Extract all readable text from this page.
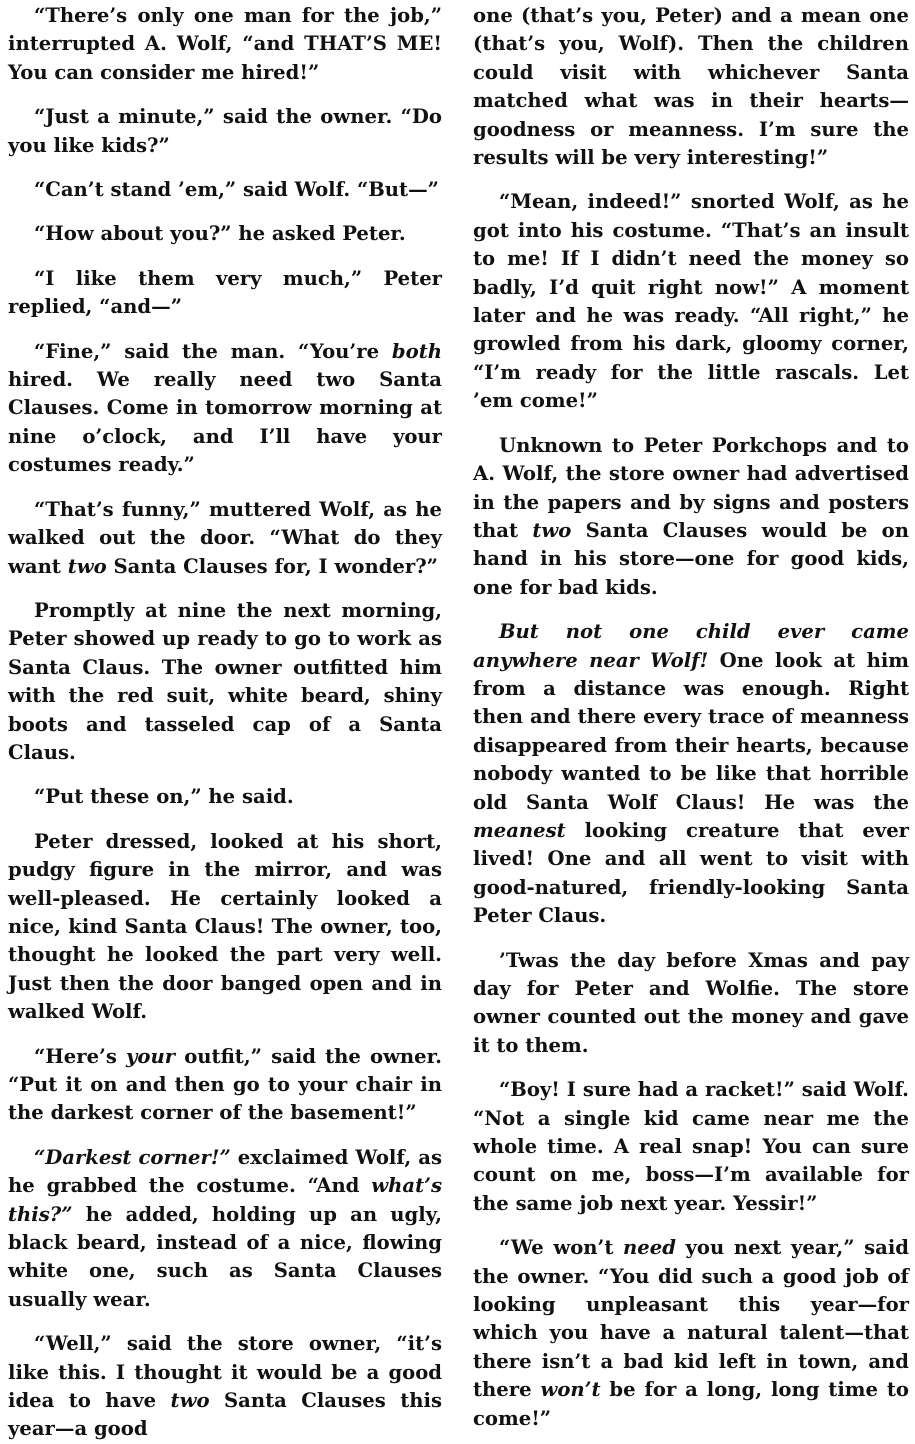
“There’s only one man for the job,” interrupted A. Wolf, “and THAT’S ME! You can consider me hired!”

“Just a minute,” said the owner. “Do you like kids?”

“Can’t stand ’em,” said Wolf. “But—”

“How about you?” he asked Peter.

“I like them very much,” Peter replied, “and—”

“Fine,” said the man. “You’re both hired. We really need two Santa Clauses. Come in tomorrow morning at nine o’clock, and I’ll have your costumes ready.”

“That’s funny,” muttered Wolf, as he walked out the door. “What do they want two Santa Clauses for, I wonder?”

Promptly at nine the next morning, Peter showed up ready to go to work as Santa Claus. The owner outfitted him with the red suit, white beard, shiny boots and tasseled cap of a Santa Claus.

“Put these on,” he said.

Peter dressed, looked at his short, pudgy figure in the mirror, and was well-pleased. He certainly looked a nice, kind Santa Claus! The owner, too, thought he looked the part very well. Just then the door banged open and in walked Wolf.

“Here’s your outfit,” said the owner. “Put it on and then go to your chair in the darkest corner of the basement!”

“Darkest corner!” exclaimed Wolf, as he grabbed the costume. “And what’s this?” he added, holding up an ugly, black beard, instead of a nice, flowing white one, such as Santa Clauses usually wear.

“Well,” said the store owner, “it’s like this. I thought it would be a good idea to have two Santa Clauses this year—a good

one (that’s you, Peter) and a mean one (that’s you, Wolf). Then the children could visit with whichever Santa matched what was in their hearts—goodness or meanness. I’m sure the results will be very interesting!”

“Mean, indeed!” snorted Wolf, as he got into his costume. “That’s an insult to me! If I didn’t need the money so badly, I’d quit right now!” A moment later and he was ready. “All right,” he growled from his dark, gloomy corner, “I’m ready for the little rascals. Let ’em come!”

Unknown to Peter Porkchops and to A. Wolf, the store owner had advertised in the papers and by signs and posters that two Santa Clauses would be on hand in his store—one for good kids, one for bad kids.

But not one child ever came anywhere near Wolf! One look at him from a distance was enough. Right then and there every trace of meanness disappeared from their hearts, because nobody wanted to be like that horrible old Santa Wolf Claus! He was the meanest looking creature that ever lived! One and all went to visit with good-natured, friendly-looking Santa Peter Claus.

’Twas the day before Xmas and pay day for Peter and Wolfie. The store owner counted out the money and gave it to them.

“Boy! I sure had a racket!” said Wolf. “Not a single kid came near me the whole time. A real snap! You can sure count on me, boss—I’m available for the same job next year. Yessir!”

“We won’t need you next year,” said the owner. “You did such a good job of looking unpleasant this year—for which you have a natural talent—that there isn’t a bad kid left in town, and there won’t be for a long, long time to come!”
